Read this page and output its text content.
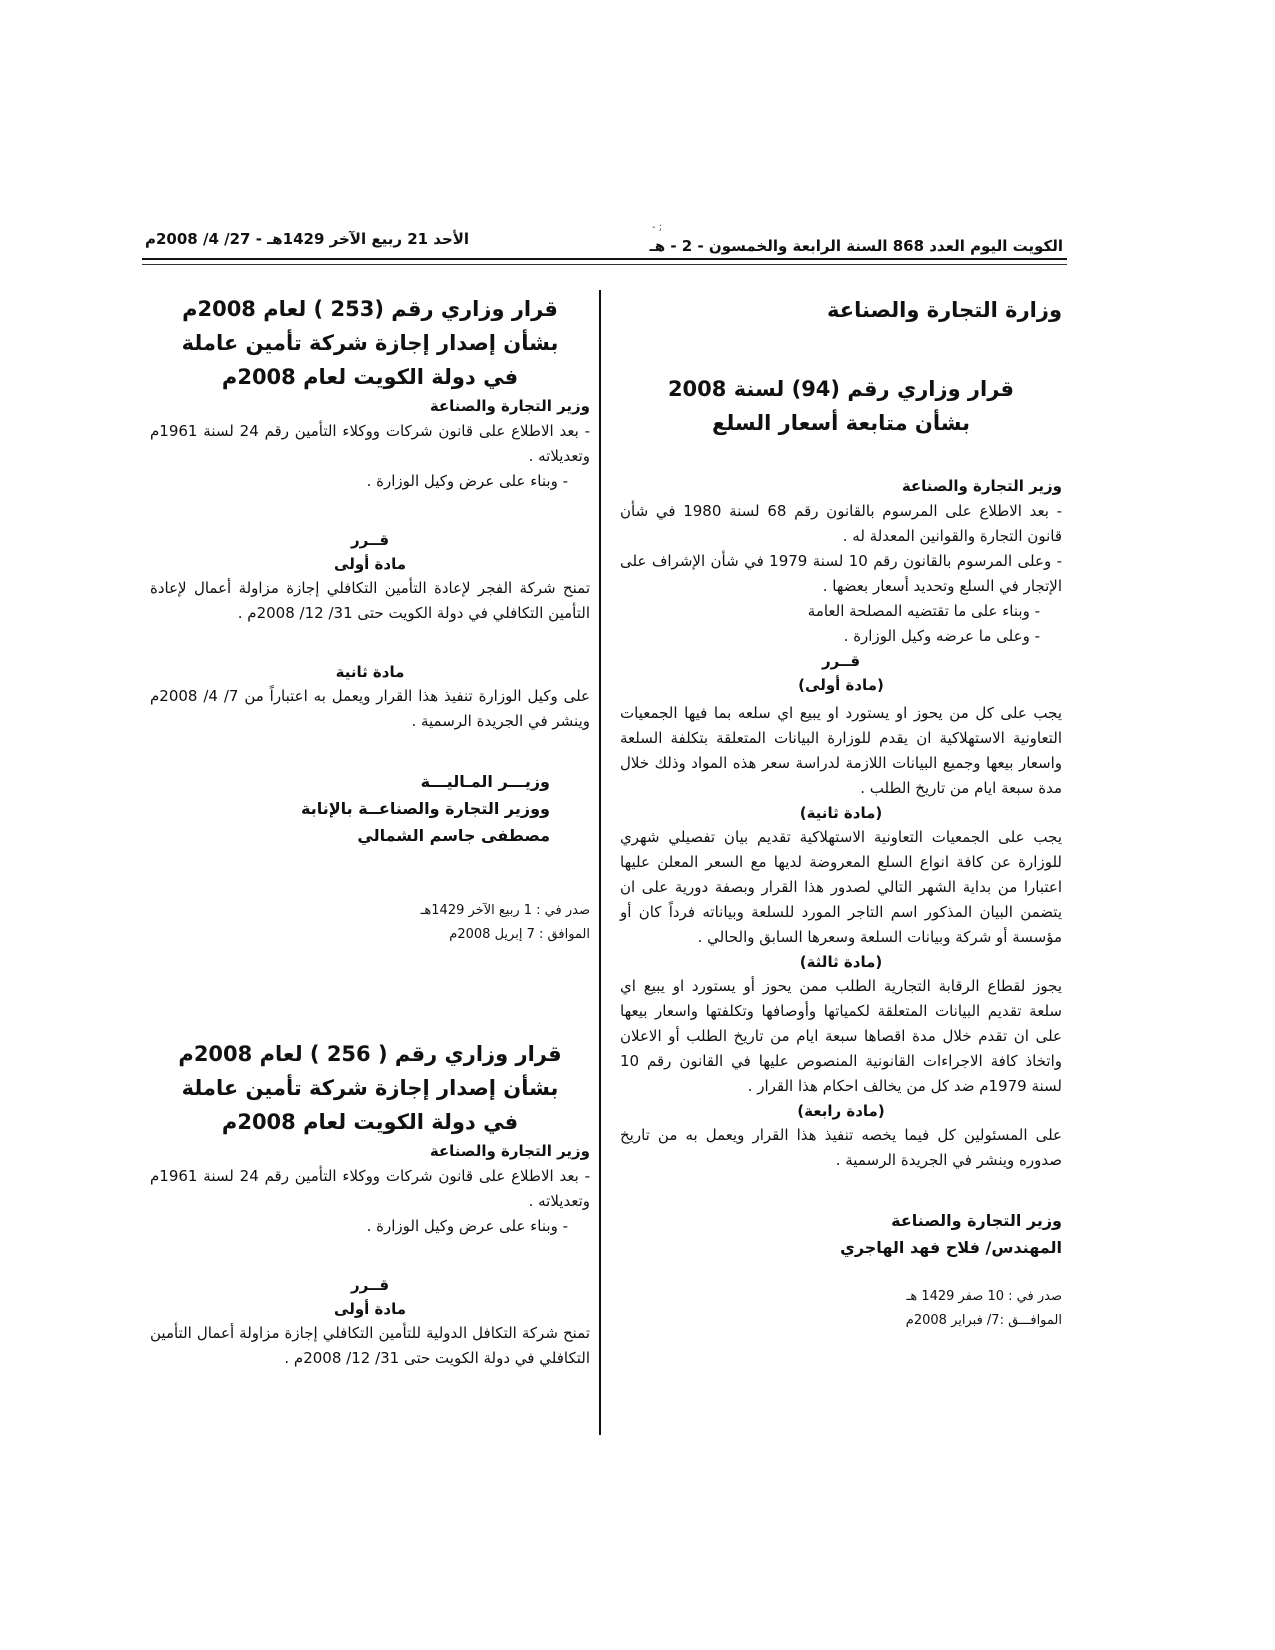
الكويت اليوم العدد 868 السنة الرابعة والخمسون - 2 - هـ
الأحد 21 ربيع الآخر 1429هـ - 27/ 4/ 2008م
- ;
وزارة التجارة والصناعة
قرار وزاري رقم (94) لسنة 2008
بشأن متابعة أسعار السلع
وزير التجارة والصناعة
- بعد الاطلاع على المرسوم بالقانون رقم 68 لسنة 1980 في شأن قانون التجارة والقوانين المعدلة له .
- وعلى المرسوم بالقانون رقم 10 لسنة 1979 في شأن الإشراف على الإتجار في السلع وتحديد أسعار بعضها .
- وبناء على ما تقتضيه المصلحة العامة
- وعلى ما عرضه وكيل الوزارة .
قــرر
(مادة أولى)
يجب على كل من يحوز او يستورد او يبيع اي سلعه بما فيها الجمعيات التعاونية الاستهلاكية ان يقدم للوزارة البيانات المتعلقة بتكلفة السلعة واسعار بيعها وجميع البيانات اللازمة لدراسة سعر هذه المواد وذلك خلال مدة سبعة ايام من تاريخ الطلب .
(مادة ثانية)
يجب على الجمعيات التعاونية الاستهلاكية تقديم بيان تفصيلي شهري للوزارة عن كافة انواع السلع المعروضة لديها مع السعر المعلن عليها اعتبارا من بداية الشهر التالي لصدور هذا القرار وبصفة دورية على ان يتضمن البيان المذكور اسم التاجر المورد للسلعة وبياناته فرداً كان أو مؤسسة أو شركة وبيانات السلعة وسعرها السابق والحالي .
(مادة ثالثة)
يجوز لقطاع الرقابة التجارية الطلب ممن يحوز أو يستورد او يبيع اي سلعة تقديم البيانات المتعلقة لكمياتها وأوصافها وتكلفتها واسعار بيعها على ان تقدم خلال مدة اقصاها سبعة ايام من تاريخ الطلب أو الاعلان واتخاذ كافة الاجراءات القانونية المنصوص عليها في القانون رقم 10 لسنة 1979م ضد كل من يخالف احكام هذا القرار .
(مادة رابعة)
على المسئولين كل فيما يخصه تنفيذ هذا القرار ويعمل به من تاريخ صدوره وينشر في الجريدة الرسمية .
وزير التجارة والصناعة
المهندس/ فلاح فهد الهاجري
صدر في : 10 صفر 1429 هـ
الموافـــق :7/ فبراير 2008م
قرار وزاري رقم (253 ) لعام 2008م
بشأن إصدار إجازة شركة تأمين عاملة
في دولة الكويت لعام 2008م
وزير التجارة والصناعة
- بعد الاطلاع على قانون شركات ووكلاء التأمين رقم 24 لسنة 1961م وتعديلاته .
- وبناء على عرض وكيل الوزارة .
قــرر
مادة أولى
تمنح شركة الفجر لإعادة التأمين التكافلي إجازة مزاولة أعمال لإعادة التأمين التكافلي في دولة الكويت حتى 31/ 12/ 2008م .
مادة ثانية
على وكيل الوزارة تنفيذ هذا القرار ويعمل به اعتباراً من 7/ 4/ 2008م وينشر في الجريدة الرسمية .
وزيـــر المـاليـــة
ووزير التجارة والصناعــة بالإنابة
مصطفى جاسم الشمالي
صدر في : 1 ربيع الآخر 1429هـ
الموافق : 7 إبريل 2008م
قرار وزاري رقم ( 256 ) لعام 2008م
بشأن إصدار إجازة شركة تأمين عاملة
في دولة الكويت لعام 2008م
وزير التجارة والصناعة
- بعد الاطلاع على قانون شركات ووكلاء التأمين رقم 24 لسنة 1961م وتعديلاته .
- وبناء على عرض وكيل الوزارة .
قــرر
مادة أولى
تمنح شركة التكافل الدولية للتأمين التكافلي إجازة مزاولة أعمال التأمين التكافلي في دولة الكويت حتى 31/ 12/ 2008م .
